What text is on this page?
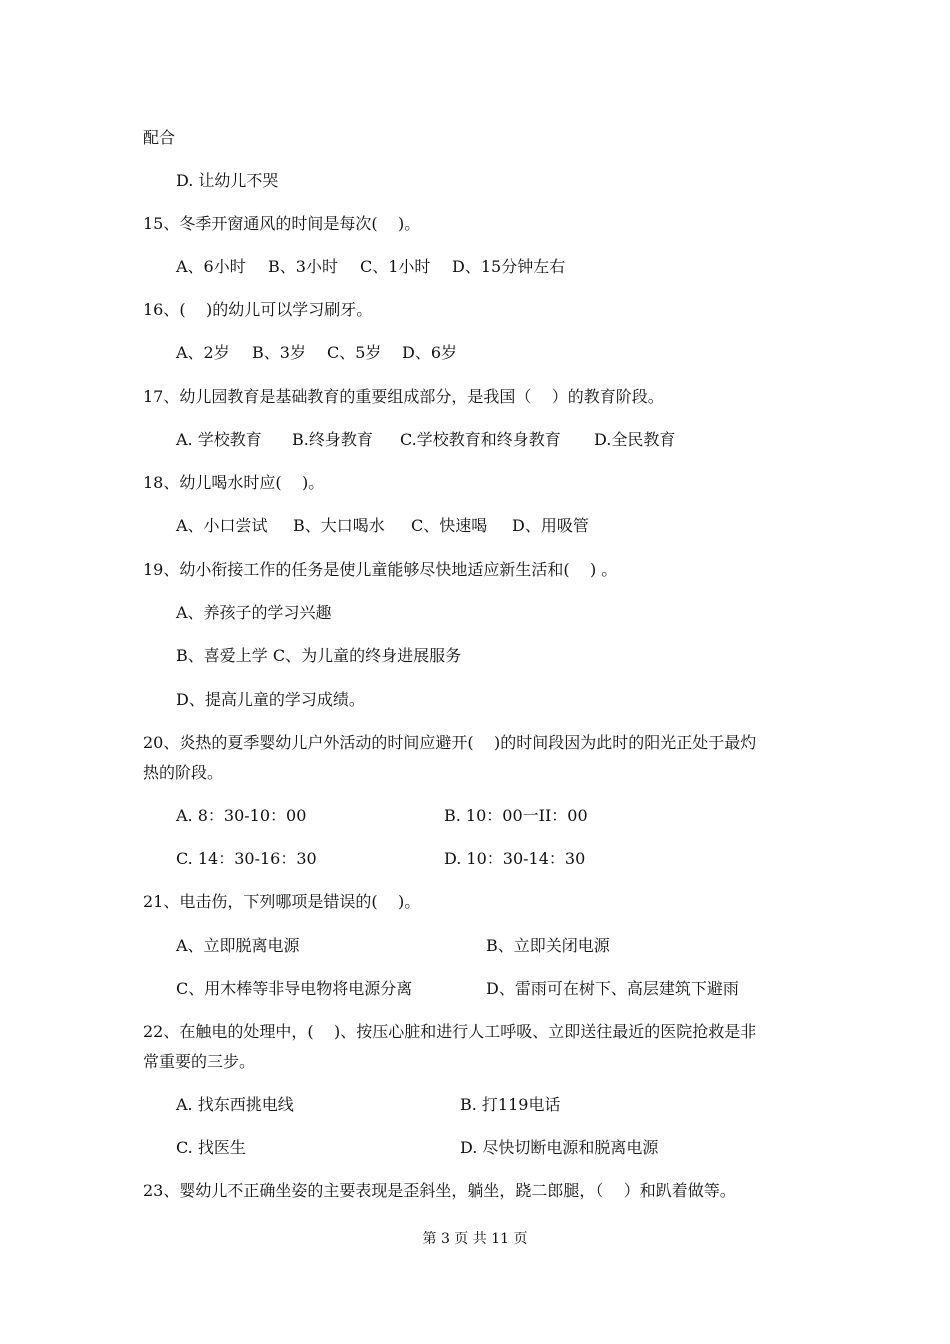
配合
D. 让幼儿不哭
15、冬季开窗通风的时间是每次(    )。
A、6小时 B、3小时 C、1小时 D、15分钟左右
16、(    )的幼儿可以学习刷牙。
A、2岁 B、3岁 C、5岁 D、6岁
17、幼儿园教育是基础教育的重要组成部分，是我国（    ）的教育阶段。
A. 学校教育 B.终身教育 C.学校教育和终身教育 D.全民教育
18、幼儿喝水时应(    )。
A、小口尝试 B、大口喝水 C、快速喝 D、用吸管
19、幼小衔接工作的任务是使儿童能够尽快地适应新生活和(    ) 。
A、养孩子的学习兴趣
B、喜爱上学 C、为儿童的终身进展服务
D、提高儿童的学习成绩。
20、炎热的夏季婴幼儿户外活动的时间应避开(    )的时间段因为此时的阳光正处于最灼
热的阶段。
A. 8：30-10：00	B. 10：00一II：00
C. 14：30-16：30	D. 10：30-14：30
21、电击伤，下列哪项是错误的(    )。
A、立即脱离电源	B、立即关闭电源
C、用木棒等非导电物将电源分离	D、雷雨可在树下、高层建筑下避雨
22、在触电的处理中，(    )、按压心脏和进行人工呼吸、立即送往最近的医院抢救是非
常重要的三步。
A. 找东西挑电线	B. 打119电话
C. 找医生	D. 尽快切断电源和脱离电源
23、婴幼儿不正确坐姿的主要表现是歪斜坐，躺坐，跷二郎腿，（    ）和趴着做等。
第 3 页 共 11 页
